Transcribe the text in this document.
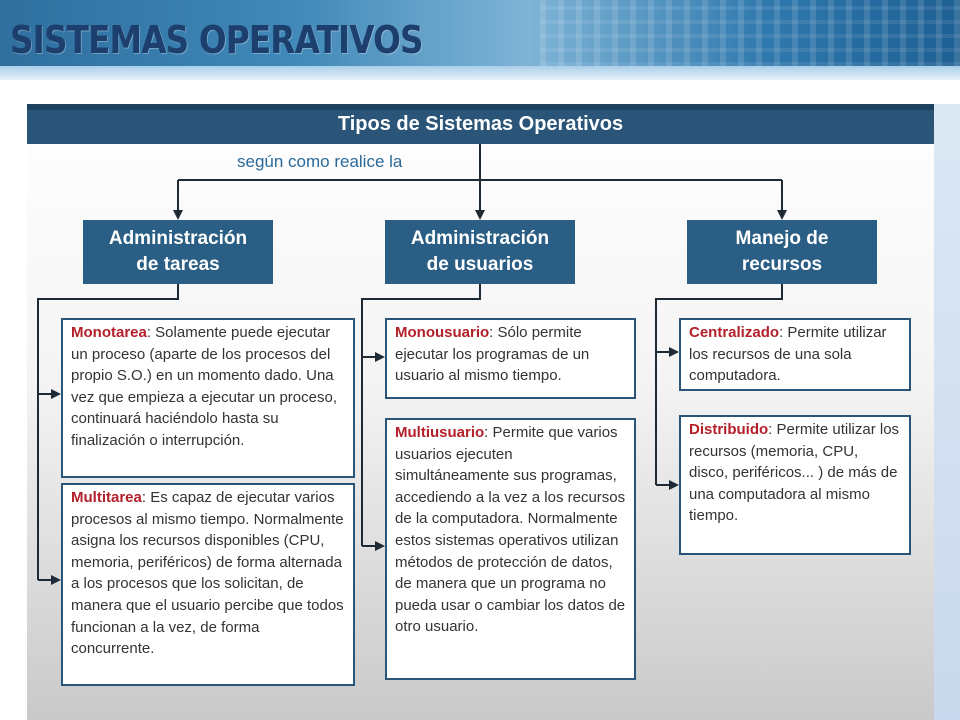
SISTEMAS OPERATIVOS
Tipos de Sistemas Operativos
según como realice la
Administración
de tareas
Administración
de usuarios
Manejo de
recursos
Monotarea: Solamente puede ejecutar un proceso (aparte de los procesos del propio S.O.) en un momento dado. Una vez que empieza a ejecutar un proceso, continuará haciéndolo hasta su finalización o interrupción.
Multitarea: Es capaz de ejecutar varios procesos al mismo tiempo. Normalmente asigna los recursos disponibles (CPU, memoria, periféricos) de forma alternada a los procesos que los solicitan, de manera que el usuario percibe que todos funcionan a la vez, de forma concurrente.
Monousuario: Sólo permite ejecutar los programas de un usuario al mismo tiempo.
Multiusuario: Permite que varios usuarios ejecuten simultáneamente sus programas, accediendo a la vez a los recursos de la computadora. Normalmente estos sistemas operativos utilizan métodos de protección de datos, de manera que un programa no pueda usar o cambiar los datos de otro usuario.
Centralizado: Permite utilizar los recursos de una sola computadora.
Distribuido: Permite utilizar los recursos (memoria, CPU, disco, periféricos... ) de más de una computadora al mismo tiempo.
